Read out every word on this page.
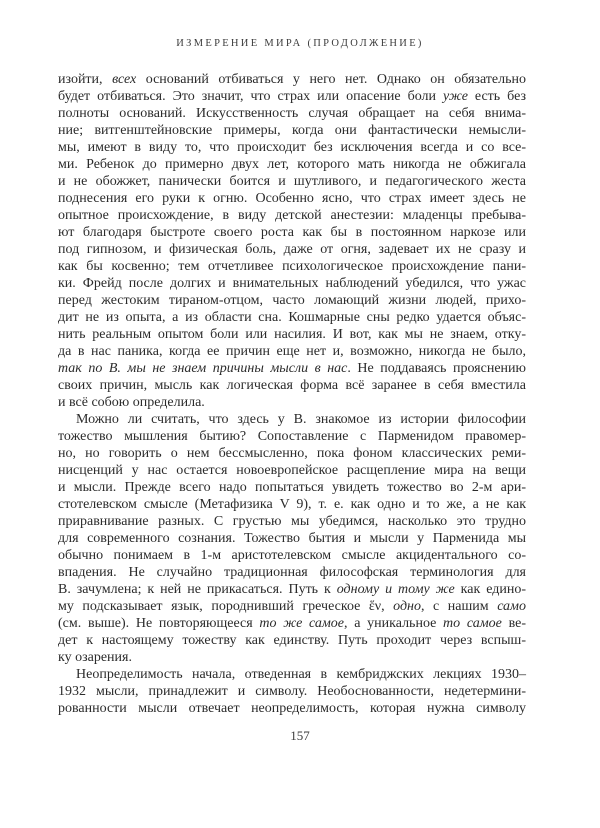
ИЗМЕРЕНИЕ МИРА (ПРОДОЛЖЕНИЕ)
изойти, всех оснований отбиваться у него нет. Однако он обязательно
будет отбиваться. Это значит, что страх или опасение боли уже есть без
полноты оснований. Искусственность случая обращает на себя внима-
ние; витгенштейновские примеры, когда они фантастически немысли-
мы, имеют в виду то, что происходит без исключения всегда и со все-
ми. Ребенок до примерно двух лет, которого мать никогда не обжигала
и не обожжет, панически боится и шутливого, и педагогического жеста
поднесения его руки к огню. Особенно ясно, что страх имеет здесь не
опытное происхождение, в виду детской анестезии: младенцы пребыва-
ют благодаря быстроте своего роста как бы в постоянном наркозе или
под гипнозом, и физическая боль, даже от огня, задевает их не сразу и
как бы косвенно; тем отчетливее психологическое происхождение пани-
ки. Фрейд после долгих и внимательных наблюдений убедился, что ужас
перед жестоким тираном-отцом, часто ломающий жизни людей, прихо-
дит не из опыта, а из области сна. Кошмарные сны редко удается объяс-
нить реальным опытом боли или насилия. И вот, как мы не знаем, отку-
да в нас паника, когда ее причин еще нет и, возможно, никогда не было,
так по В. мы не знаем причины мысли в нас. Не поддаваясь прояснению
своих причин, мысль как логическая форма всё заранее в себя вместила
и всё собою определила.
Можно ли считать, что здесь у В. знакомое из истории философии
тожество мышления бытию? Сопоставление с Парменидом правомер-
но, но говорить о нем бессмысленно, пока фоном классических реми-
нисценций у нас остается новоевропейское расщепление мира на вещи
и мысли. Прежде всего надо попытаться увидеть тожество во 2-м ари-
стотелевском смысле (Метафизика V 9), т. е. как одно и то же, а не как
приравнивание разных. С грустью мы убедимся, насколько это трудно
для современного сознания. Тожество бытия и мысли у Парменида мы
обычно понимаем в 1-м аристотелевском смысле акцидентального со-
впадения. Не случайно традиционная философская терминология для
В. зачумлена; к ней не прикасаться. Путь к одному и тому же как едино-
му подсказывает язык, породнивший греческое ἕν, одно, с нашим само
(см. выше). Не повторяющееся то же самое, а уникальное то самое ве-
дет к настоящему тожеству как единству. Путь проходит через вспыш-
ку озарения.
Неопределимость начала, отведенная в кембриджских лекциях 1930–
1932 мысли, принадлежит и символу. Необоснованности, недетермини-
рованности мысли отвечает неопределимость, которая нужна символу
157
